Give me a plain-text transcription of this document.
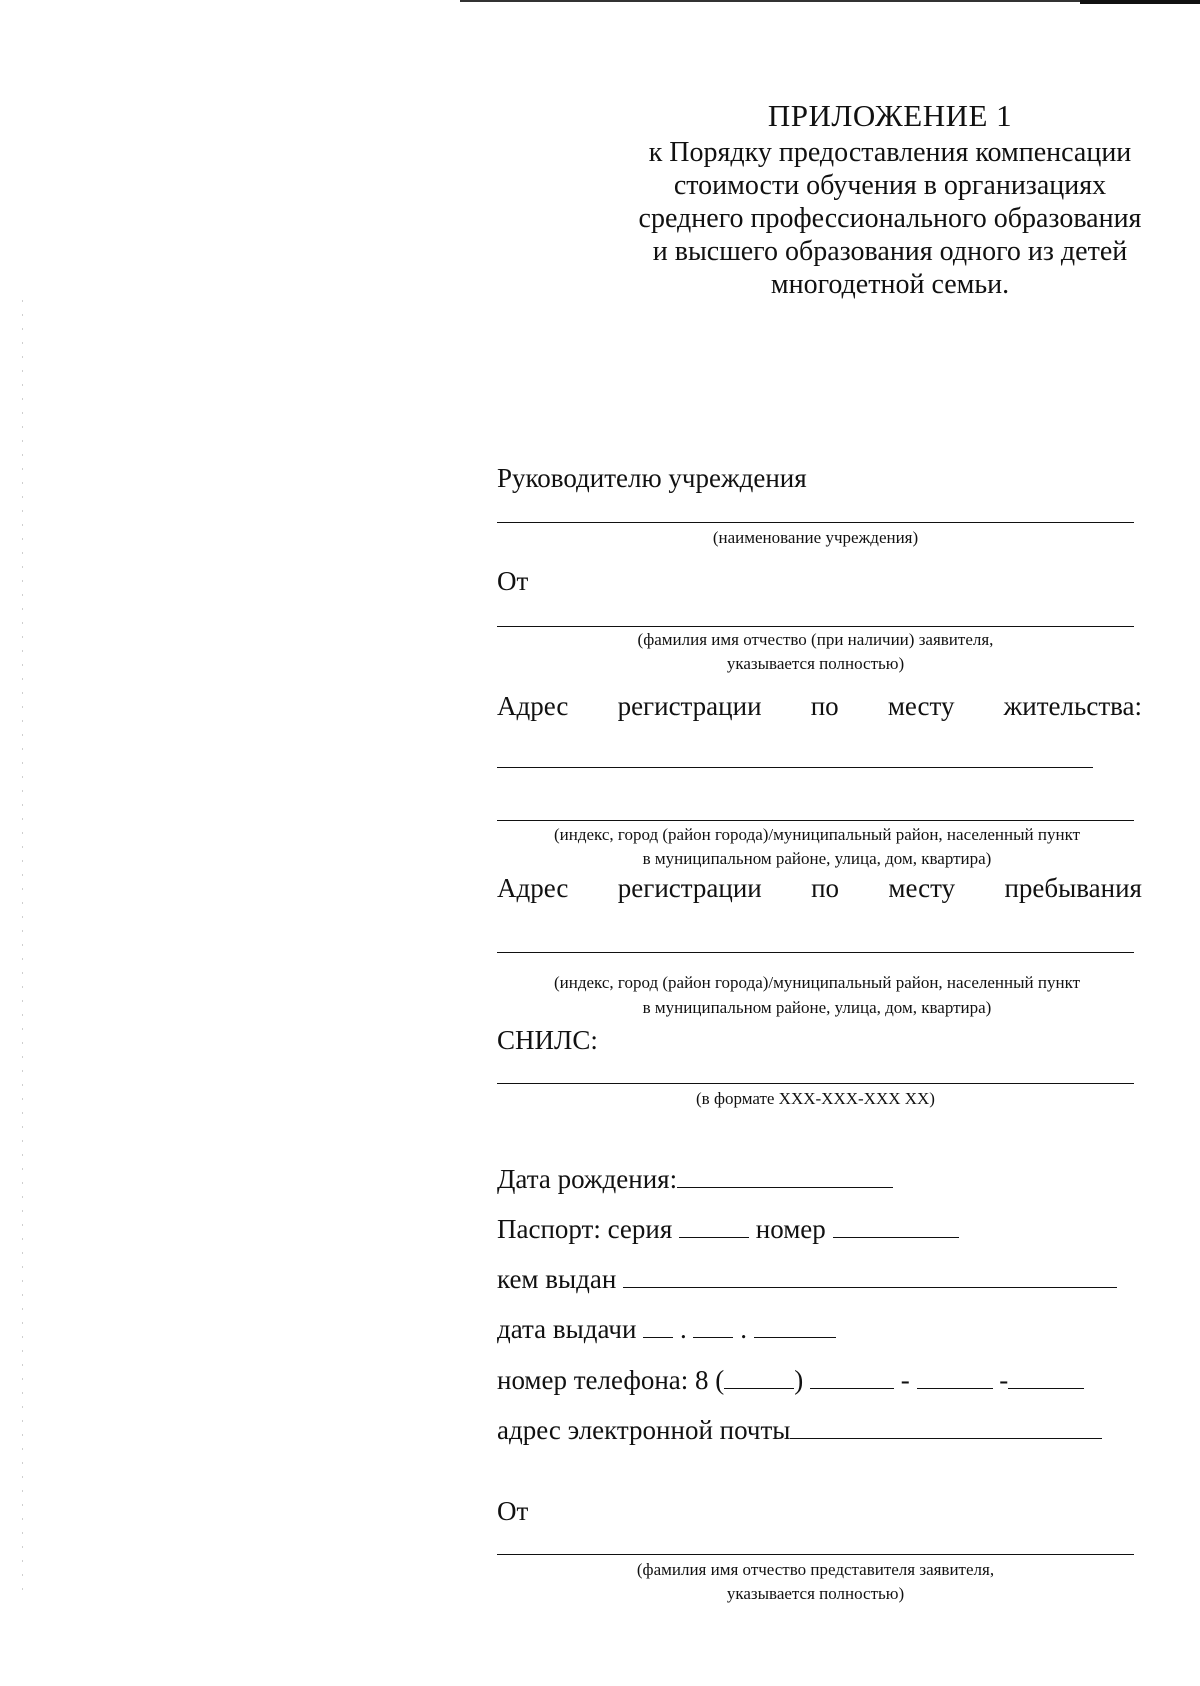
ПРИЛОЖЕНИЕ 1
к Порядку предоставления компенсации
стоимости обучения в организациях
среднего профессионального образования
и высшего образования одного из детей
многодетной семьи.
Руководителю учреждения
(наименование учреждения)
От
(фамилия имя отчество (при наличии) заявителя,
указывается полностью)
Адрес регистрации по месту жительства:
(индекс, город (район города)/муниципальный район, населенный пункт
в муниципальном районе, улица, дом, квартира)
Адрес регистрации по месту пребывания
(индекс, город (район города)/муниципальный район, населенный пункт
в муниципальном районе, улица, дом, квартира)
СНИЛС:
(в формате XXX-XXX-XXX XX)
Дата рождения:
Паспорт: серия	номер
кем выдан
дата выдачи . .
номер телефона: 8 (	)	-	-
адрес электронной почты
От
(фамилия имя отчество представителя заявителя,
указывается полностью)
